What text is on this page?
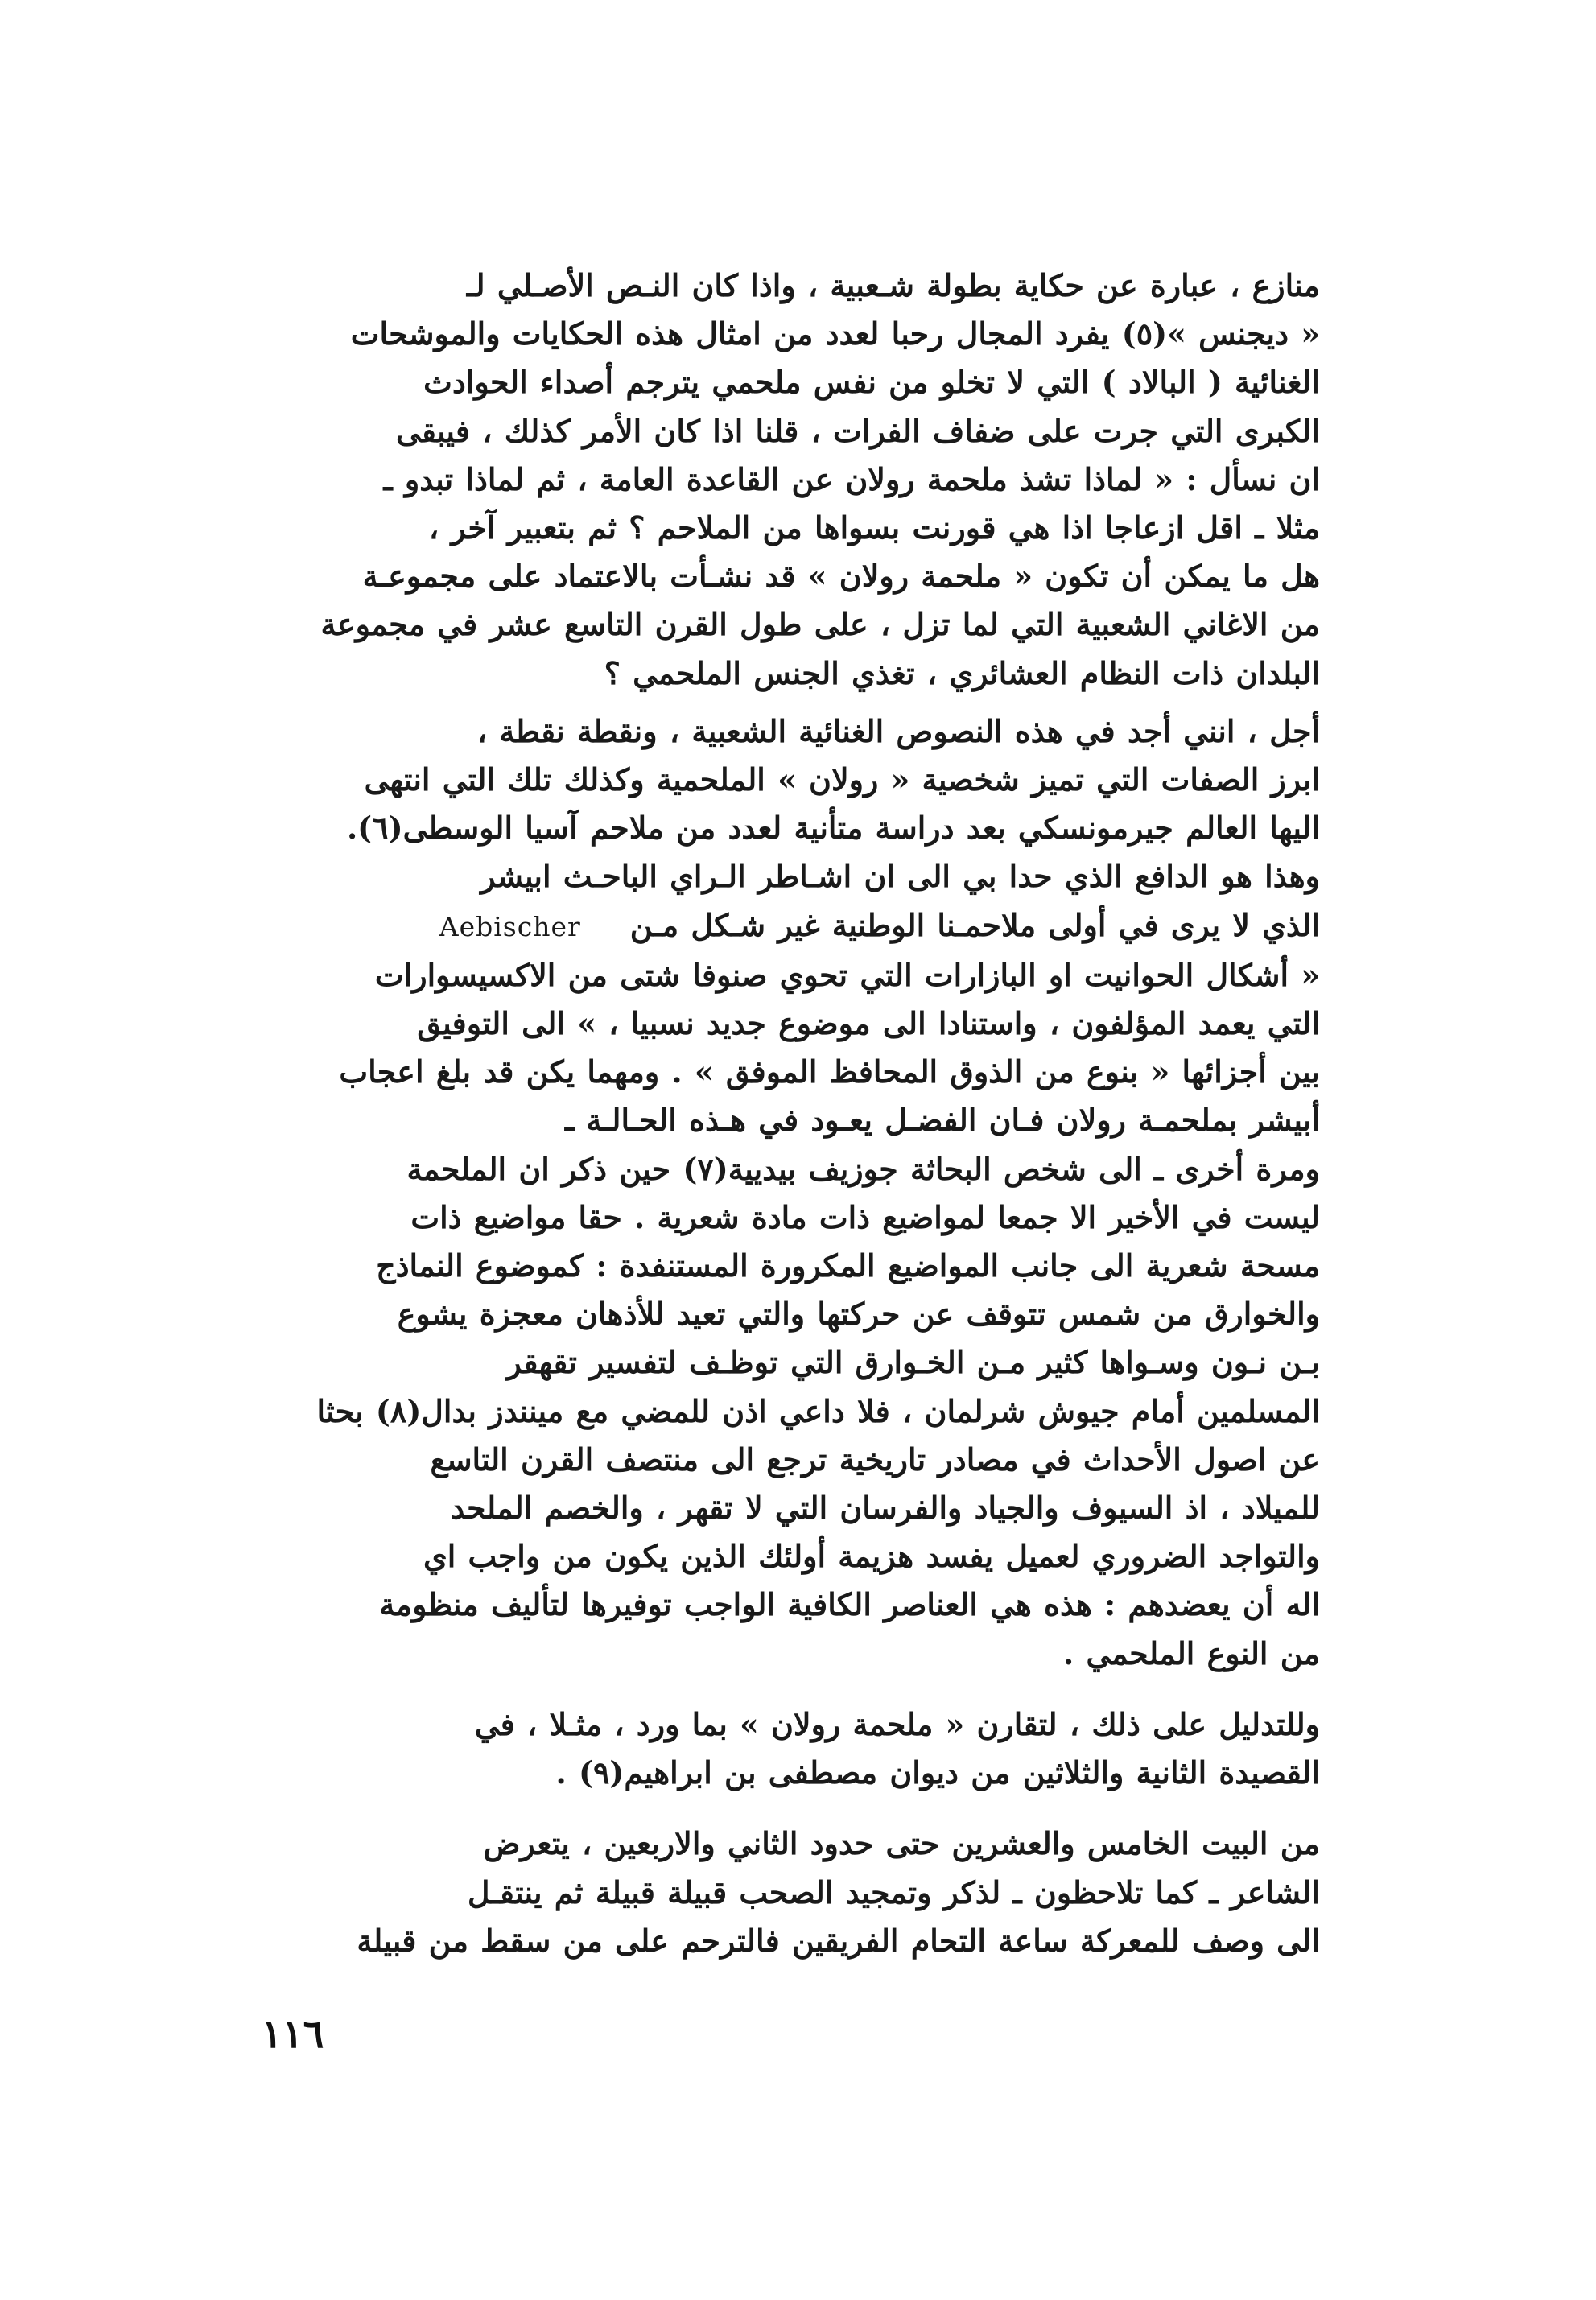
منازع ، عبارة عن حكاية بطولة شـعبية ، واذا كان النـص الأصـلي لـ
« ديجنس »(٥) يفرد المجال رحبا لعدد من امثال هذه الحكايات والموشحات
الغنائية ( البالاد ) التي لا تخلو من نفس ملحمي يترجم أصداء الحوادث
الكبرى التي جرت على ضفاف الفرات ، قلنا اذا كان الأمر كذلك ، فيبقى
ان نسأل : « لماذا تشذ ملحمة رولان عن القاعدة العامة ، ثم لماذا تبدو ـ
مثلا ـ اقل ازعاجا اذا هي قورنت بسواها من الملاحم ؟ ثم بتعبير آخر ،
هل ما يمكن أن تكون « ملحمة رولان » قد نشـأت بالاعتماد على مجموعـة
من الاغاني الشعبية التي لما تزل ، على طول القرن التاسع عشر في مجموعة
البلدان ذات النظام العشائري ، تغذي الجنس الملحمي ؟
أجل ، انني أجد في هذه النصوص الغنائية الشعبية ، ونقطة نقطة ،
ابرز الصفات التي تميز شخصية « رولان » الملحمية وكذلك تلك التي انتهى
اليها العالم جيرمونسكي بعد دراسة متأنية لعدد من ملاحم آسيا الوسطى(٦).
وهذا هو الدافع الذي حدا بي الى ان اشـاطر الـراي الباحـث ابيشر
الذي لا يرى في أولى ملاحمـنا الوطنية غير شـكل مـن    Aebischer
« أشكال الحوانيت او البازارات التي تحوي صنوفا شتى من الاكسيسوارات
التي يعمد المؤلفون ، واستنادا الى موضوع جديد نسبيا ، » الى التوفيق
بين أجزائها « بنوع من الذوق المحافظ الموفق » . ومهما يكن قد بلغ اعجاب
أبيشر بملحمـة رولان فـان الفضـل يعـود في هـذه الحـالـة ـ
ومرة أخرى ـ الى شخص البحاثة جوزيف بيديية(٧) حين ذكر ان الملحمة
ليست في الأخير الا جمعا لمواضيع ذات مادة شعرية . حقا مواضيع ذات
مسحة شعرية الى جانب المواضيع المكرورة المستنفدة : كموضوع النماذج
والخوارق من شمس تتوقف عن حركتها والتي تعيد للأذهان معجزة يشوع
بـن نـون وسـواها كثير مـن الخـوارق التي توظـف لتفسير تقهقر
المسلمين أمام جيوش شرلمان ، فلا داعي اذن للمضي مع مينندز بدال(٨) بحثا
عن اصول الأحداث في مصادر تاريخية ترجع الى منتصف القرن التاسع
للميلاد ، اذ السيوف والجياد والفرسان التي لا تقهر ، والخصم الملحد
والتواجد الضروري لعميل يفسد هزيمة أولئك الذين يكون من واجب اي
اله أن يعضدهم : هذه هي العناصر الكافية الواجب توفيرها لتأليف منظومة
من النوع الملحمي .
وللتدليل على ذلك ، لتقارن « ملحمة رولان » بما ورد ، مثـلا ، في
القصيدة الثانية والثلاثين من ديوان مصطفى بن ابراهيم(٩) .
من البيت الخامس والعشرين حتى حدود الثاني والاربعين ، يتعرض
الشاعر ـ كما تلاحظون ـ لذكر وتمجيد الصحب قبيلة قبيلة ثم ينتقـل
الى وصف للمعركة ساعة التحام الفريقين فالترحم على من سقط من قبيلة
١١٦
